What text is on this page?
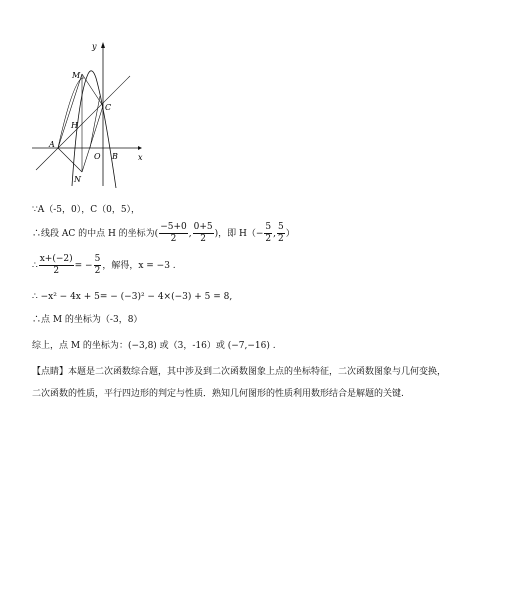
y
x
M
C
H
A
O B
N
∵A（-5，0），C（0，5），
∴线段 AC 的中点 H 的坐标为( $\frac{-5+0}{2}$ , $\frac{0+5}{2}$ )，即 $H(- \frac{5}{2}$ , $\frac{5}{2}$ ）
∴ $\frac{x+(-2)}{2}$ = − $\frac{5}{2}$ ，解得，x = −3 .
∴ −x² − 4x + 5= − (−3)² − 4×(−3) + 5 = 8,
∴点 M 的坐标为（-3，8）
综上，点 M 的坐标为：(−3,8) 或（3，-16）或 (−7,−16) .
【点睛】本题是二次函数综合题，其中涉及到二次函数图象上点的坐标特征，二次函数图象与几何变换，
二次函数的性质，平行四边形的判定与性质．熟知几何图形的性质利用数形结合是解题的关键.
